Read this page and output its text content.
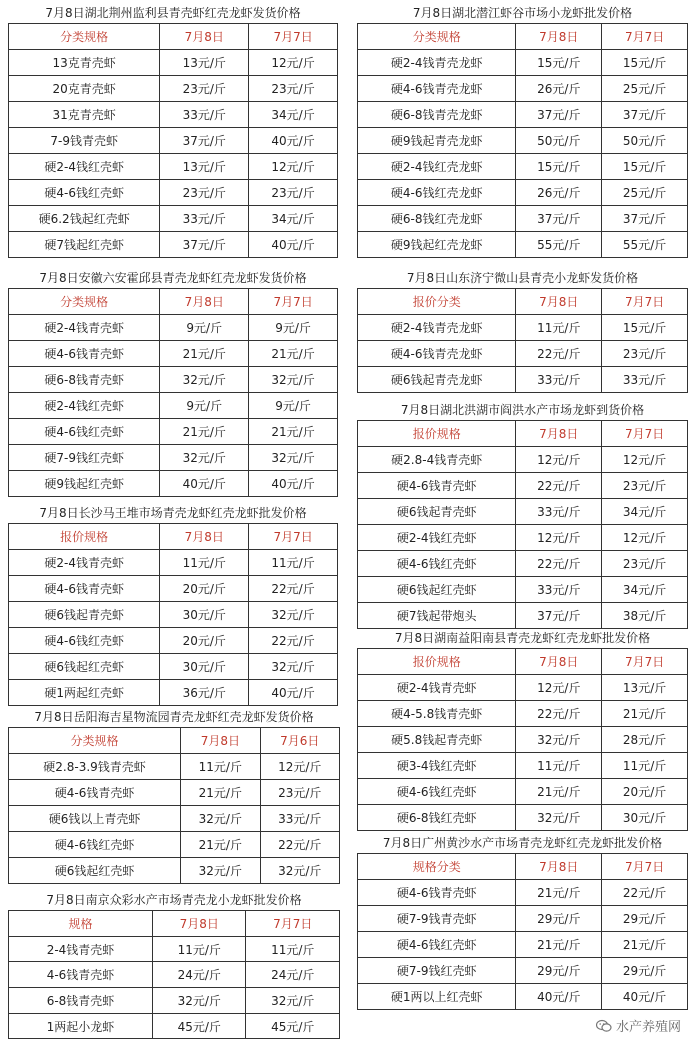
7月8日湖北荆州监利县青壳虾红壳龙虾发货价格
分类规格	7月8日	7月7日
13克青壳虾	13元/斤	12元/斤
20克青壳虾	23元/斤	23元/斤
31克青壳虾	33元/斤	34元/斤
7-9钱青壳虾	37元/斤	40元/斤
硬2-4钱红壳虾	13元/斤	12元/斤
硬4-6钱红壳虾	23元/斤	23元/斤
硬6.2钱起红壳虾	33元/斤	34元/斤
硬7钱起红壳虾	37元/斤	40元/斤
7月8日安徽六安霍邱县青壳龙虾红壳龙虾发货价格
分类规格	7月8日	7月7日
硬2-4钱青壳虾	9元/斤	9元/斤
硬4-6钱青壳虾	21元/斤	21元/斤
硬6-8钱青壳虾	32元/斤	32元/斤
硬2-4钱红壳虾	9元/斤	9元/斤
硬4-6钱红壳虾	21元/斤	21元/斤
硬7-9钱红壳虾	32元/斤	32元/斤
硬9钱起红壳虾	40元/斤	40元/斤
7月8日长沙马王堆市场青壳龙虾红壳龙虾批发价格
报价规格	7月8日	7月7日
硬2-4钱青壳虾	11元/斤	11元/斤
硬4-6钱青壳虾	20元/斤	22元/斤
硬6钱起青壳虾	30元/斤	32元/斤
硬4-6钱红壳虾	20元/斤	22元/斤
硬6钱起红壳虾	30元/斤	32元/斤
硬1两起红壳虾	36元/斤	40元/斤
7月8日岳阳海吉星物流园青壳龙虾红壳龙虾发货价格
分类规格	7月8日	7月6日
硬2.8-3.9钱青壳虾	11元/斤	12元/斤
硬4-6钱青壳虾	21元/斤	23元/斤
硬6钱以上青壳虾	32元/斤	33元/斤
硬4-6钱红壳虾	21元/斤	22元/斤
硬6钱起红壳虾	32元/斤	32元/斤
7月8日南京众彩水产市场青壳龙小龙虾批发价格
规格	7月8日	7月7日
2-4钱青壳虾	11元/斤	11元/斤
4-6钱青壳虾	24元/斤	24元/斤
6-8钱青壳虾	32元/斤	32元/斤
1两起小龙虾	45元/斤	45元/斤
7月8日湖北潜江虾谷市场小龙虾批发价格
分类规格	7月8日	7月7日
硬2-4钱青壳龙虾	15元/斤	15元/斤
硬4-6钱青壳龙虾	26元/斤	25元/斤
硬6-8钱青壳龙虾	37元/斤	37元/斤
硬9钱起青壳龙虾	50元/斤	50元/斤
硬2-4钱红壳龙虾	15元/斤	15元/斤
硬4-6钱红壳龙虾	26元/斤	25元/斤
硬6-8钱红壳龙虾	37元/斤	37元/斤
硬9钱起红壳龙虾	55元/斤	55元/斤
7月8日山东济宁微山县青壳小龙虾发货价格
报价分类	7月8日	7月7日
硬2-4钱青壳龙虾	11元/斤	15元/斤
硬4-6钱青壳龙虾	22元/斤	23元/斤
硬6钱起青壳龙虾	33元/斤	33元/斤
7月8日湖北洪湖市阎洪水产市场龙虾到货价格
报价规格	7月8日	7月7日
硬2.8-4钱青壳虾	12元/斤	12元/斤
硬4-6钱青壳虾	22元/斤	23元/斤
硬6钱起青壳虾	33元/斤	34元/斤
硬2-4钱红壳虾	12元/斤	12元/斤
硬4-6钱红壳虾	22元/斤	23元/斤
硬6钱起红壳虾	33元/斤	34元/斤
硬7钱起带炮头	37元/斤	38元/斤
7月8日湖南益阳南县青壳龙虾红壳龙虾批发价格
报价规格	7月8日	7月7日
硬2-4钱青壳虾	12元/斤	13元/斤
硬4-5.8钱青壳虾	22元/斤	21元/斤
硬5.8钱起青壳虾	32元/斤	28元/斤
硬3-4钱红壳虾	11元/斤	11元/斤
硬4-6钱红壳虾	21元/斤	20元/斤
硬6-8钱红壳虾	32元/斤	30元/斤
7月8日广州黄沙水产市场青壳龙虾红壳龙虾批发价格
规格分类	7月8日	7月7日
硬4-6钱青壳虾	21元/斤	22元/斤
硬7-9钱青壳虾	29元/斤	29元/斤
硬4-6钱红壳虾	21元/斤	21元/斤
硬7-9钱红壳虾	29元/斤	29元/斤
硬1两以上红壳虾	40元/斤	40元/斤
水产养殖网
